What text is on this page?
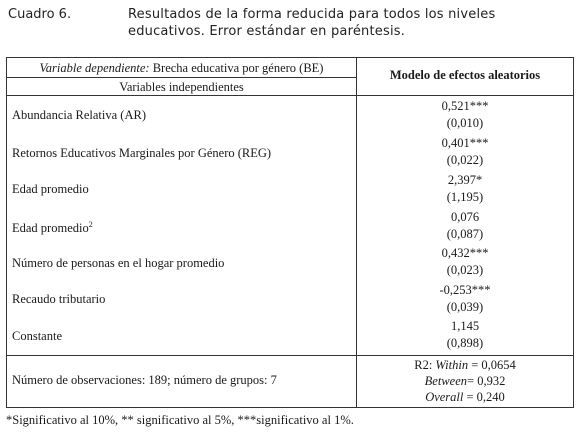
Cuadro 6.	Resultados de la forma reducida para todos los niveles educativos. Error estándar en paréntesis.
Variable dependiente: Brecha educativa por género (BE)
Variables independientes
Modelo de efectos aleatorios
Abundancia Relativa (AR)
0,521***
(0,010)
Retornos Educativos Marginales por Género (REG)
0,401***
(0,022)
Edad promedio
2,397*
(1,195)
Edad promedio$^2$
0,076
(0,087)
Número de personas en el hogar promedio
0,432***
(0,023)
Recaudo tributario
-0,253***
(0,039)
Constante
1,145
(0,898)
Número de observaciones: 189; número de grupos: 7
R2: Within = 0,0654
Between= 0,932
Overall = 0,240
*Significativo al 10%, ** significativo al 5%, ***significativo al 1%.
